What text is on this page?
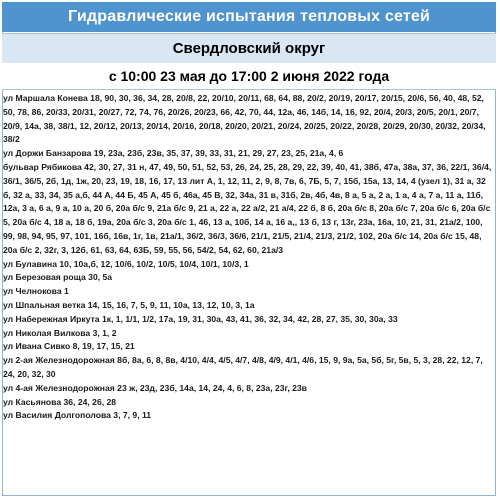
Гидравлические испытания тепловых сетей
Свердловский округ
с 10:00 23 мая до 17:00 2 июня 2022 года

ул Маршала Конева 18, 90, 30, 36, 34, 28, 20/8, 22, 20/10, 20/11, 68, 64, 88, 20/2, 20/19, 20/17, 20/15, 20/6, 56, 40, 48, 52, 50, 78, 86, 20/33, 20/31, 20/27, 72, 74, 76, 20/26, 20/23, 66, 42, 70, 44, 12а, 46, 14б, 14, 16, 92, 20/4, 20/3, 20/5, 20/1, 20/7, 20/9, 14а, 38, 38/1, 12, 20/12, 20/13, 20/14, 20/16, 20/18, 20/20, 20/21, 20/24, 20/25, 20/22, 20/28, 20/29, 20/30, 20/32, 20/34, 38/2

ул Доржи Банзарова 19, 23а, 23б, 23в, 35, 37, 39, 33, 31, 21, 29, 27, 23, 25, 21а, 4, 6

бульвар Рябикова 42, 30, 27, 31 н, 47, 49, 50, 51, 52, 53, 26, 24, 25, 28, 29, 22, 39, 40, 41, 38б, 47а, 38а, 37, 36, 22/1, 36/4, 36/1, 36/5, 2б, 1д, 1ж, 20, 23, 19, 18, 16, 17, 13 лит А, 1, 12, 11, 2, 9, 8, 7в, 6, 7Б, 5, 7, 15б, 15а, 13, 14, 4 (узел 1), 31 а, 32 б, 32 а, 33, 34, 35 а,б, 44 А, 44 Б, 45 А, 45 б, 46а, 45 В, 32, 34а, 31 в, 31б, 2в, 4б, 4в, 8 а, 5 а, 2 а, 1 а, 4 а, 7 а, 11 а, 11б, 12а, 3 а, 6 а, 9 а, 10 а, 20 б, 20а б/с 9, 21а б/с 9, 21 а, 22 а, 22 а/2, 21 а/4, 22 б, 8 б, 20а б/с 8, 20а б/с 7, 20а б/с 6, 20а б/с 5, 20а б/с 4, 18 а, 18 б, 19а, 20а б/с 3, 20а б/с 1, 46, 13 а, 10б, 14 а, 16 а,, 13 б, 13 г, 13г, 23а, 16а, 10, 21, 31, 21а/2, 100, 99, 98, 94, 95, 97, 101, 16б, 16в, 1г, 1в, 21а/1, 36/2, 36/3, 36/6, 21/1, 21/5, 21/4, 21/3, 21/2, 102, 20а б/с 14, 20а б/с 15, 48, 20а б/с 2, 32г, 3, 12б, 61, 63, 64, 63Б, 59, 55, 56, 54/2, 54, 62, 60, 21а/3

ул Булавина 10, 10а,б, 12, 10/6, 10/2, 10/5, 10/4, 10/1, 10/3, 1

ул Березовая роща 30, 5а

ул Челнокова 1

ул Шпальная ветка 14, 15, 16, 7, 5, 9, 11, 10а, 13, 12, 10, 3, 1а

ул Набережная Иркута 1к, 1, 1/1, 1/2, 17а, 19, 31, 30а, 43, 41, 36, 32, 34, 42, 28, 27, 35, 30, 30а, 33

ул Николая Вилкова 3, 1, 2

ул Ивана Сивко 8, 19, 17, 15, 21

ул 2-ая Железнодорожная 8б, 8а, 6, 8, 8в, 4/10, 4/4, 4/5, 4/7, 4/8, 4/9, 4/1, 4/6, 15, 9, 9а, 5а, 5б, 5г, 5в, 5, 3, 28, 22, 12, 7, 24, 20, 32, 30

ул 4-ая Железнодорожная 23 ж, 23д, 23б, 14а, 14, 24, 4, 6, 8, 23а, 23г, 23в

ул Касьянова 36, 24, 26, 28

ул Василия Долгополова 3, 7, 9, 11
